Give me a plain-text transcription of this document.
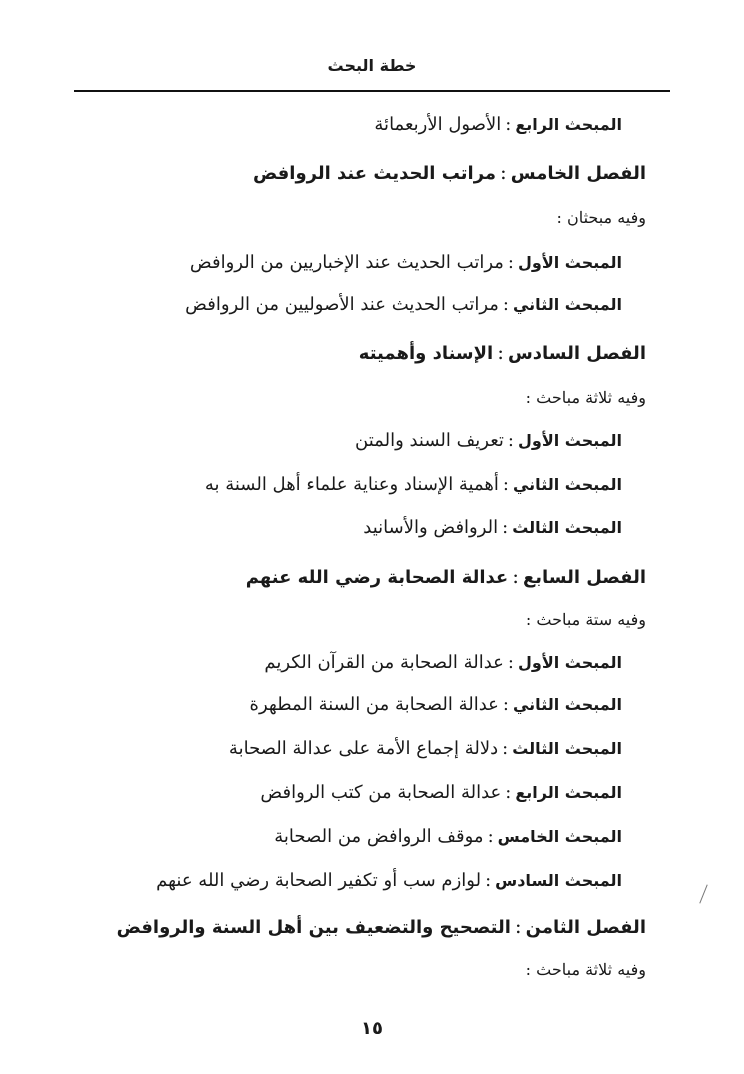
خطة البحث
المبحث الرابع:الأصول الأربعمائة
الفصل الخامس:مراتب الحديث عند الروافض
وفيه مبحثان :
المبحث الأول:مراتب الحديث عند الإخباريين من الروافض
المبحث الثاني:مراتب الحديث عند الأصوليين من الروافض
الفصل السادس:الإسناد وأهميته
وفيه ثلاثة مباحث :
المبحث الأول:تعريف السند والمتن
المبحث الثاني:أهمية الإسناد وعناية علماء أهل السنة به
المبحث الثالث:الروافض والأسانيد
الفصل السابع:عدالة الصحابة رضي الله عنهم
وفيه ستة مباحث :
المبحث الأول:عدالة الصحابة من القرآن الكريم
المبحث الثاني:عدالة الصحابة من السنة المطهرة
المبحث الثالث:دلالة إجماع الأمة على عدالة الصحابة
المبحث الرابع:عدالة الصحابة من كتب الروافض
المبحث الخامس:موقف الروافض من الصحابة
المبحث السادس:لوازم سب أو تكفير الصحابة رضي الله عنهم
الفصل الثامن:التصحيح والتضعيف بين أهل السنة والروافض
وفيه ثلاثة مباحث :
١٥
